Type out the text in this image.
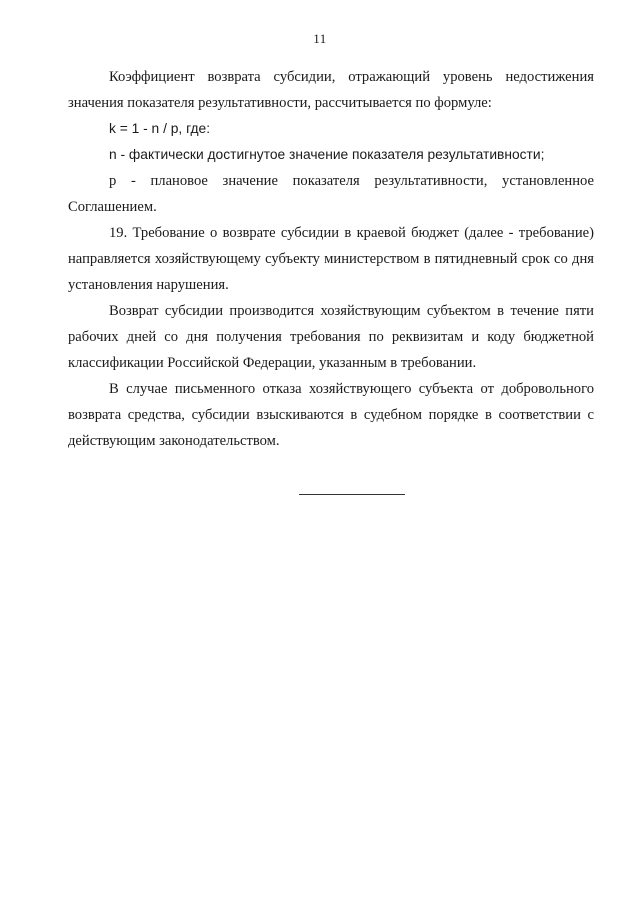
11

Коэффициент возврата субсидии, отражающий уровень недостижения значения показателя результативности, рассчитывается по формуле:

k = 1 - n / p, где:

n - фактически достигнутое значение показателя результативности;

p - плановое значение показателя результативности, установленное Соглашением.

19. Требование о возврате субсидии в краевой бюджет (далее - требование) направляется хозяйствующему субъекту министерством в пятидневный срок со дня установления нарушения.

Возврат субсидии производится хозяйствующим субъектом в течение пяти рабочих дней со дня получения требования по реквизитам и коду бюджетной классификации Российской Федерации, указанным в требовании.

В случае письменного отказа хозяйствующего субъекта от добровольного возврата средства, субсидии взыскиваются в судебном порядке в соответствии с действующим законодательством.
